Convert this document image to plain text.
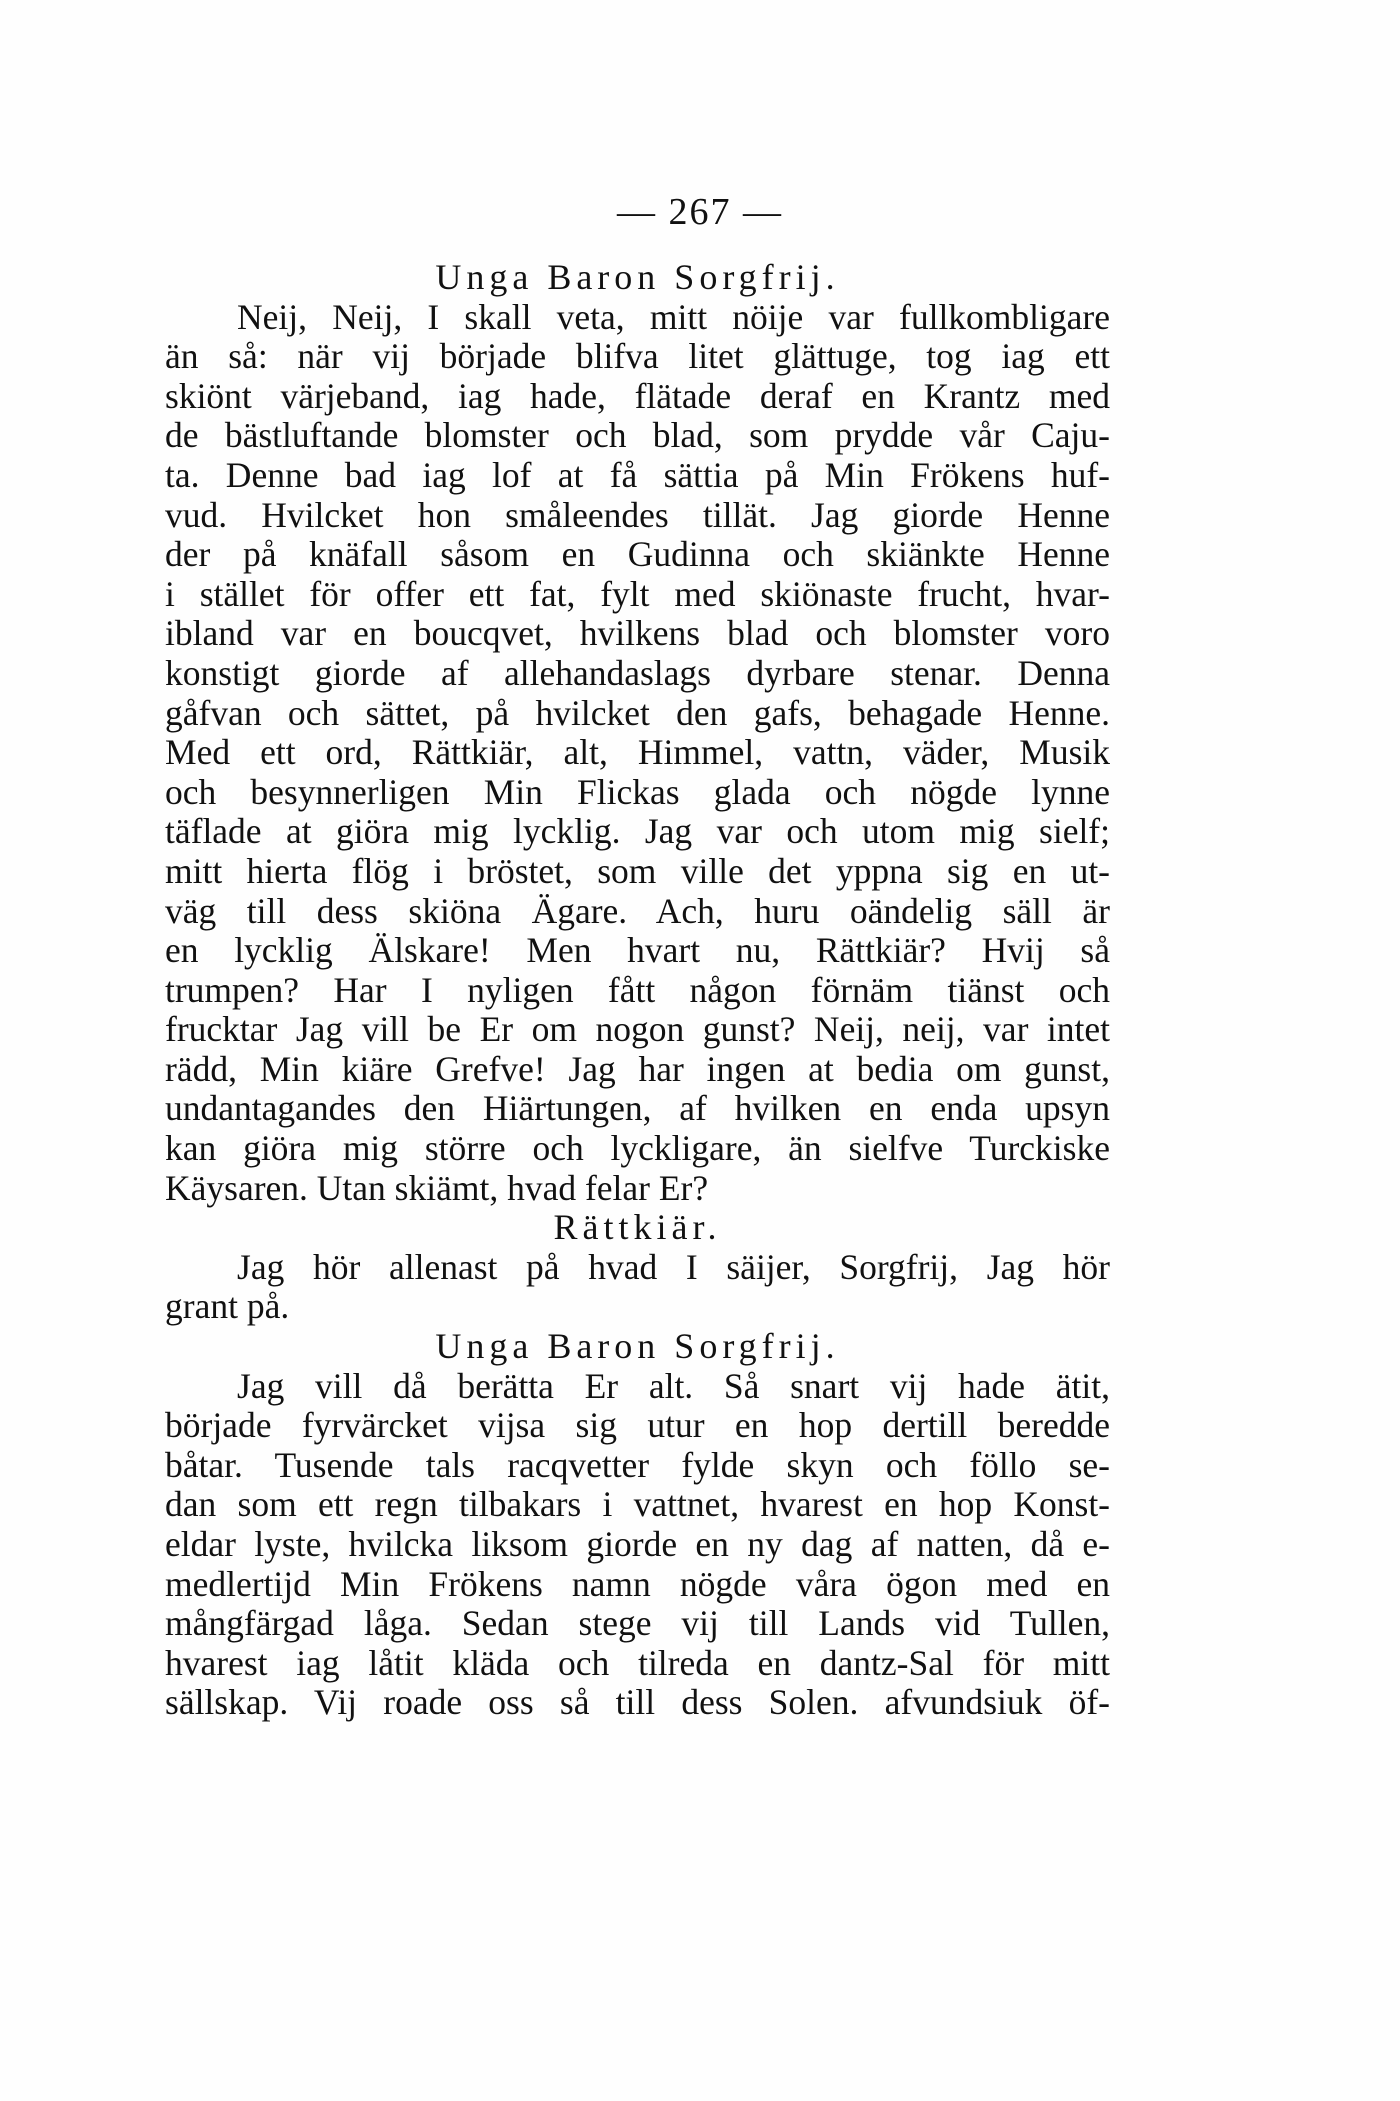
— 267 —
Unga Baron Sorgfrij.
Neij, Neij, I skall veta, mitt nöije var fullkombligare
än så: när vij började blifva litet glättuge, tog iag ett
skiönt värjeband, iag hade, flätade deraf en Krantz med
de bästluftande blomster och blad, som prydde vår Caju-
ta. Denne bad iag lof at få sättia på Min Frökens huf-
vud. Hvilcket hon småleendes tillät. Jag giorde Henne
der på knäfall såsom en Gudinna och skiänkte Henne
i stället för offer ett fat, fylt med skiönaste frucht, hvar-
ibland var en boucqvet, hvilkens blad och blomster voro
konstigt giorde af allehandaslags dyrbare stenar. Denna
gåfvan och sättet, på hvilcket den gafs, behagade Henne.
Med ett ord, Rättkiär, alt, Himmel, vattn, väder, Musik
och besynnerligen Min Flickas glada och nögde lynne
täflade at giöra mig lycklig. Jag var och utom mig sielf;
mitt hierta flög i bröstet, som ville det yppna sig en ut-
väg till dess skiöna Ägare. Ach, huru oändelig säll är
en lycklig Älskare! Men hvart nu, Rättkiär? Hvij så
trumpen? Har I nyligen fått någon förnäm tiänst och
frucktar Jag vill be Er om nogon gunst? Neij, neij, var intet
rädd, Min kiäre Grefve! Jag har ingen at bedia om gunst,
undantagandes den Hiärtungen, af hvilken en enda upsyn
kan giöra mig större och lyckligare, än sielfve Turckiske
Käysaren. Utan skiämt, hvad felar Er?
Rättkiär.
Jag hör allenast på hvad I säijer, Sorgfrij, Jag hör
grant på.
Unga Baron Sorgfrij.
Jag vill då berätta Er alt. Så snart vij hade ätit,
började fyrvärcket vijsa sig utur en hop dertill beredde
båtar. Tusende tals racqvetter fylde skyn och föllo se-
dan som ett regn tilbakars i vattnet, hvarest en hop Konst-
eldar lyste, hvilcka liksom giorde en ny dag af natten, då e-
medlertijd Min Frökens namn nögde våra ögon med en
mångfärgad låga. Sedan stege vij till Lands vid Tullen,
hvarest iag låtit kläda och tilreda en dantz-Sal för mitt
sällskap. Vij roade oss så till dess Solen. afvundsiuk öf-
